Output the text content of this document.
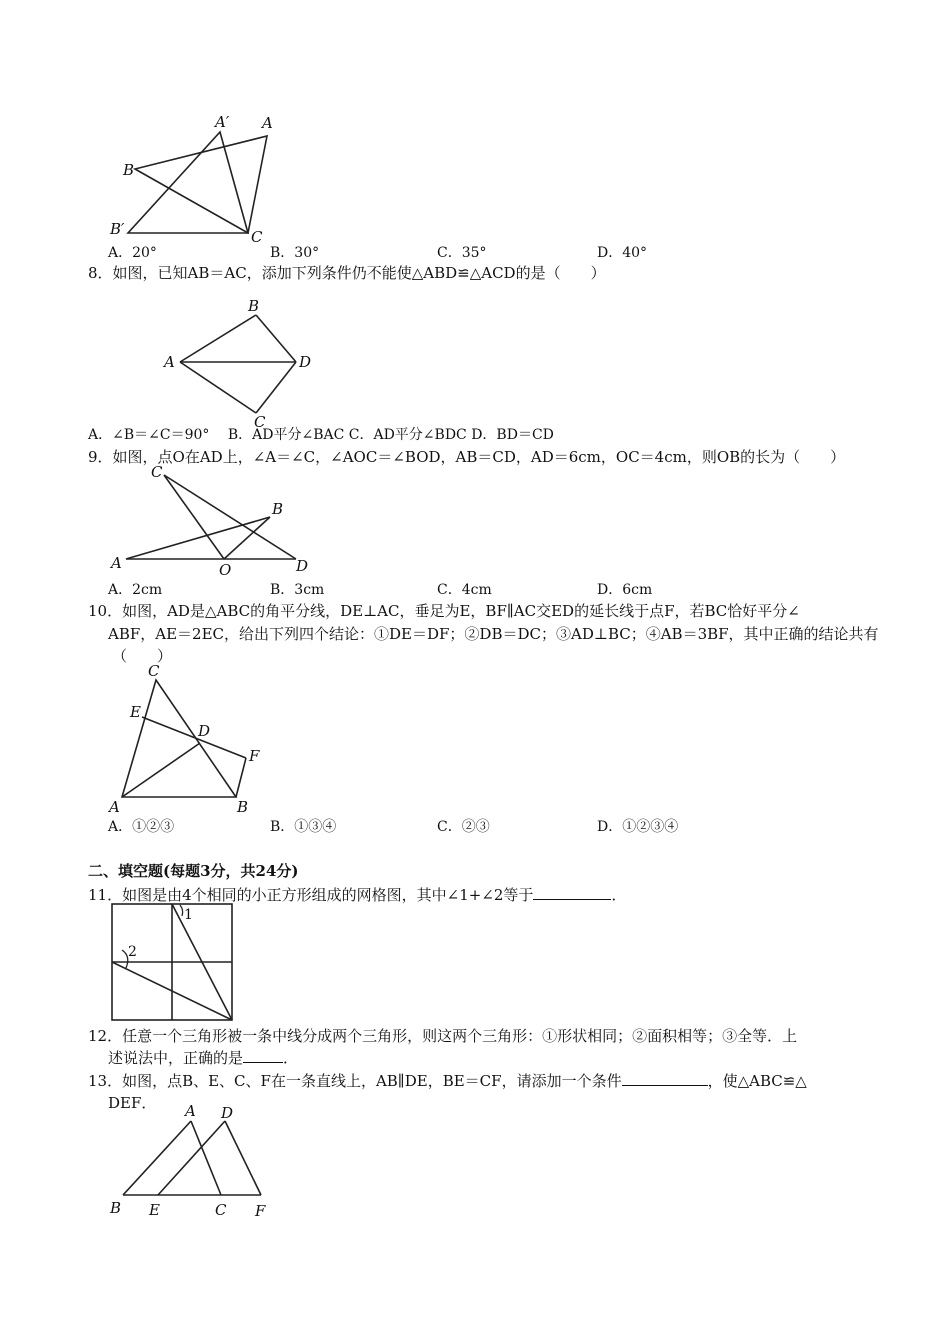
A′ A
B
B′	C
A．20°	B．30°	C．35°	D．40°
8．如图，已知AB＝AC，添加下列条件仍不能使△ABD≌△ACD的是（　　）
B
A	D
C
A．∠B＝∠C＝90°　 B．AD平分∠BAC C．AD平分∠BDC D．BD＝CD
9．如图，点O在AD上，∠A＝∠C，∠AOC＝∠BOD，AB＝CD，AD＝6cm，OC＝4cm，则OB的长为（　　）
C
B
A	O	D
A．2cm	B．3cm	C．4cm	D．6cm
10．如图，AD是△ABC的角平分线，DE⊥AC，垂足为E，BF∥AC交ED的延长线于点F，若BC恰好平分∠
ABF，AE＝2EC，给出下列四个结论：①DE＝DF；②DB＝DC；③AD⊥BC；④AB＝3BF，其中正确的结论共有
（　　）
C
E
D
F
A	B
A．①②③	B．①③④	C．②③	D．①②③④
二、填空题(每题3分，共24分)
11．如图是由4个相同的小正方形组成的网格图，其中∠1+∠2等于	．
1
2
12．任意一个三角形被一条中线分成两个三角形，则这两个三角形：①形状相同；②面积相等；③全等．上
述说法中，正确的是	．
13．如图，点B、E、C、F在一条直线上，AB∥DE，BE＝CF，请添加一个条件	，使△ABC≌△
DEF． A D
B E	C F
